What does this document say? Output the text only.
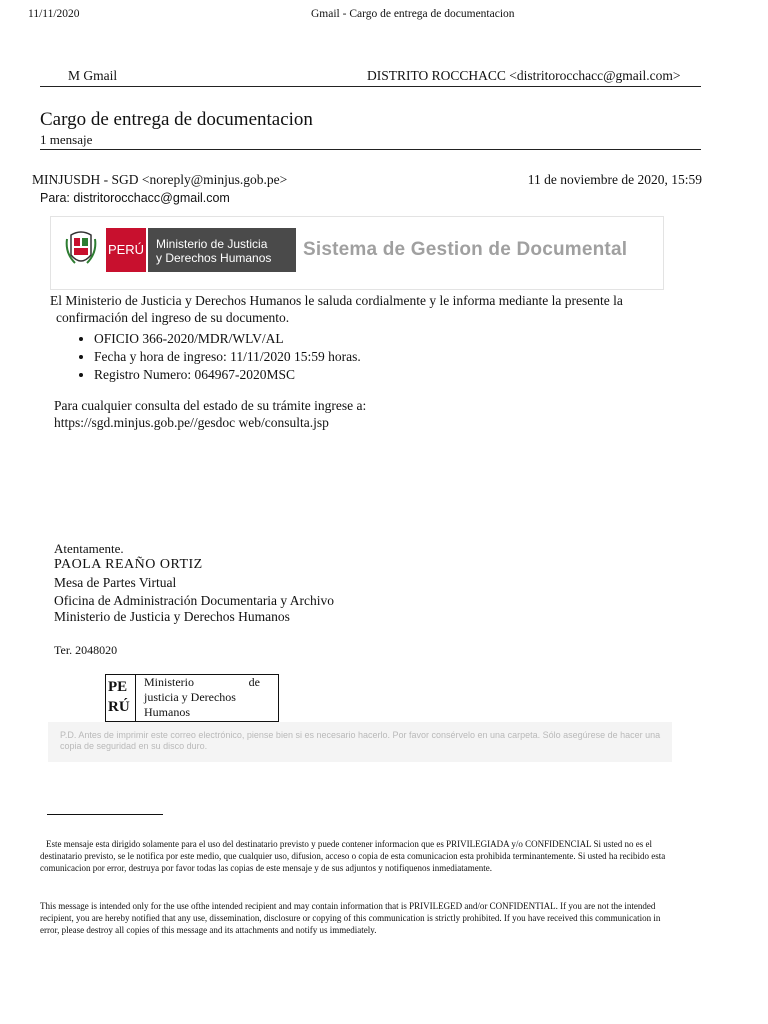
11/11/2020	Gmail - Cargo de entrega de documentacion
M Gmail	DISTRITO ROCCHACC <distritorocchacc@gmail.com>
Cargo de entrega de documentacion
1 mensaje
MINJUSDH - SGD <noreply@minjus.gob.pe>	11 de noviembre de 2020, 15:59
Para: distritorocchacc@gmail.com
PERÚ Ministerio de Justicia
y Derechos Humanos	Sistema de Gestion de Documental
El Ministerio de Justicia y Derechos Humanos le saluda cordialmente y le informa mediante la presente la
confirmación del ingreso de su documento.
• OFICIO 366-2020/MDR/WLV/AL
• Fecha y hora de ingreso: 11/11/2020 15:59 horas.
• Registro Numero: 064967-2020MSC
Para cualquier consulta del estado de su trámite ingrese a:
https://sgd.minjus.gob.pe//gesdoc web/consulta.jsp
Atentamente.
PAOLA REAÑO ORTIZ
Mesa de Partes Virtual
Oficina de Administración Documentaria y Archivo
Ministerio de Justicia y Derechos Humanos
Ter. 2048020
PE
RÚ
Ministerio	de
justicia y Derechos
Humanos
P.D. Antes de imprimir este correo electrónico, piense bien si es necesario hacerlo. Por favor consérvelo en una carpeta. Sólo asegúrese de hacer una copia de seguridad en su disco duro.
Este mensaje esta dirigido solamente para el uso del destinatario previsto y puede contener informacion que es PRIVILEGIADA y/o CONFIDENCIAL Si usted no es el destinatario previsto, se le notifica por este medio, que cualquier uso, difusion, acceso o copia de esta comunicacion esta prohibida terminantemente. Si usted ha recibido esta comunicacion por error, destruya por favor todas las copias de este mensaje y de sus adjuntos y notifiquenos inmediatamente.
This message is intended only for the use ofthe intended recipient and may contain information that is PRIVILEGED and/or CONFIDENTIAL. If you are not the intended recipient, you are hereby notified that any use, dissemination, disclosure or copying of this communication is strictly prohibited. If you have received this communication in error, please destroy all copies of this message and its attachments and notify us immediately.
